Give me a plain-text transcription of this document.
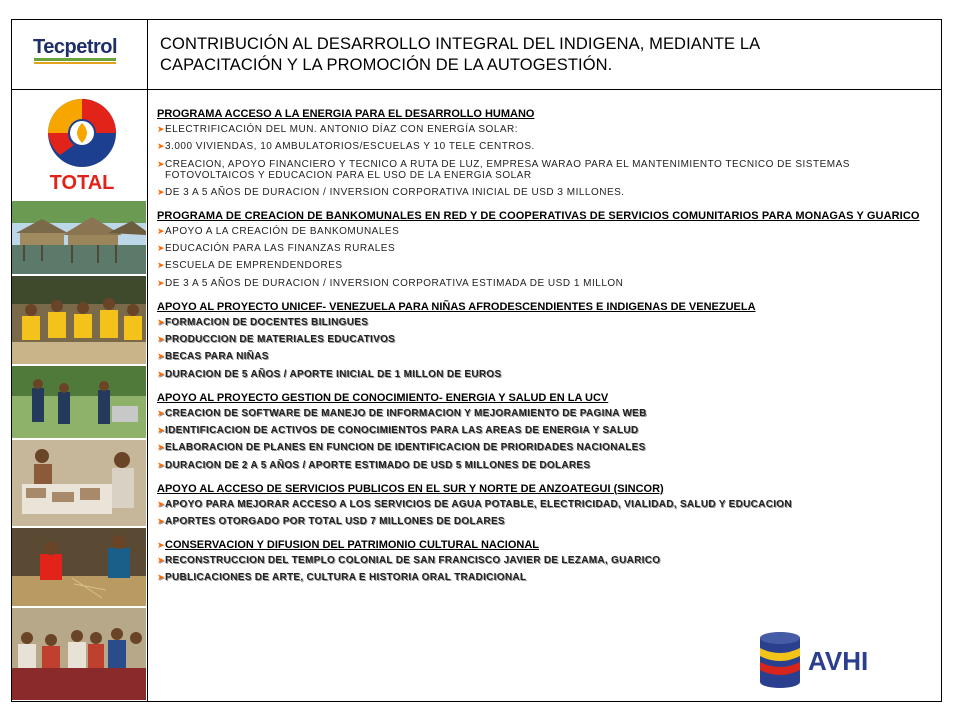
Tecpetrol	CONTRIBUCIÓN AL DESARROLLO INTEGRAL DEL INDIGENA, MEDIANTE LA
CAPACITACIÓN Y LA PROMOCIÓN DE LA AUTOGESTIÓN.
TOTAL
PROGRAMA ACCESO A LA ENERGIA PARA EL DESARROLLO HUMANO
➤ ELECTRIFICACIÓN DEL MUN. ANTONIO DÍAZ CON ENERGÍA SOLAR:
➤ 3.000 VIVIENDAS, 10 AMBULATORIOS/ESCUELAS Y 10 TELE CENTROS.
➤ CREACION, APOYO FINANCIERO Y TECNICO A RUTA DE LUZ, EMPRESA WARAO PARA EL MANTENIMIENTO TECNICO DE SISTEMAS FOTOVOLTAICOS Y EDUCACION PARA EL USO DE LA ENERGIA SOLAR
➤ DE 3 A 5 AÑOS DE DURACION / INVERSION CORPORATIVA INICIAL DE USD 3 MILLONES.
PROGRAMA DE CREACION DE BANKOMUNALES EN RED Y DE COOPERATIVAS DE SERVICIOS COMUNITARIOS PARA MONAGAS Y GUARICO
➤ APOYO A LA CREACIÓN DE BANKOMUNALES
➤ EDUCACIÓN PARA LAS FINANZAS RURALES
➤ ESCUELA DE EMPRENDENDORES
➤ DE 3 A 5 AÑOS DE DURACION / INVERSION CORPORATIVA ESTIMADA DE USD 1 MILLON
APOYO AL PROYECTO UNICEF- VENEZUELA PARA NIÑAS AFRODESCENDIENTES E INDIGENAS DE VENEZUELA
➤ FORMACION DE DOCENTES BILINGUES
➤ PRODUCCION DE MATERIALES EDUCATIVOS
➤ BECAS PARA NIÑAS
➤ DURACION DE 5 AÑOS / APORTE INICIAL DE 1 MILLON DE EUROS
APOYO AL PROYECTO GESTION DE CONOCIMIENTO- ENERGIA Y SALUD EN LA UCV
➤ CREACION DE SOFTWARE DE MANEJO DE INFORMACION Y MEJORAMIENTO DE PAGINA WEB
➤ IDENTIFICACION DE ACTIVOS DE CONOCIMIENTOS PARA LAS AREAS DE ENERGIA Y SALUD
➤ ELABORACION DE PLANES EN FUNCION DE IDENTIFICACION DE PRIORIDADES NACIONALES
➤ DURACION DE 2 A 5 AÑOS / APORTE ESTIMADO DE USD 5 MILLONES DE DOLARES
APOYO AL ACCESO DE SERVICIOS PUBLICOS EN EL SUR Y NORTE DE ANZOATEGUI (SINCOR)
➤ APOYO PARA MEJORAR ACCESO A LOS SERVICIOS DE AGUA POTABLE, ELECTRICIDAD, VIALIDAD, SALUD Y EDUCACION
➤ APORTES OTORGADO POR TOTAL USD 7 MILLONES DE DOLARES
➤ CONSERVACION Y DIFUSION DEL PATRIMONIO CULTURAL NACIONAL
➤ RECONSTRUCCION DEL TEMPLO COLONIAL DE SAN FRANCISCO JAVIER DE LEZAMA, GUARICO
➤ PUBLICACIONES DE ARTE, CULTURA E HISTORIA ORAL TRADICIONAL
AVHI
